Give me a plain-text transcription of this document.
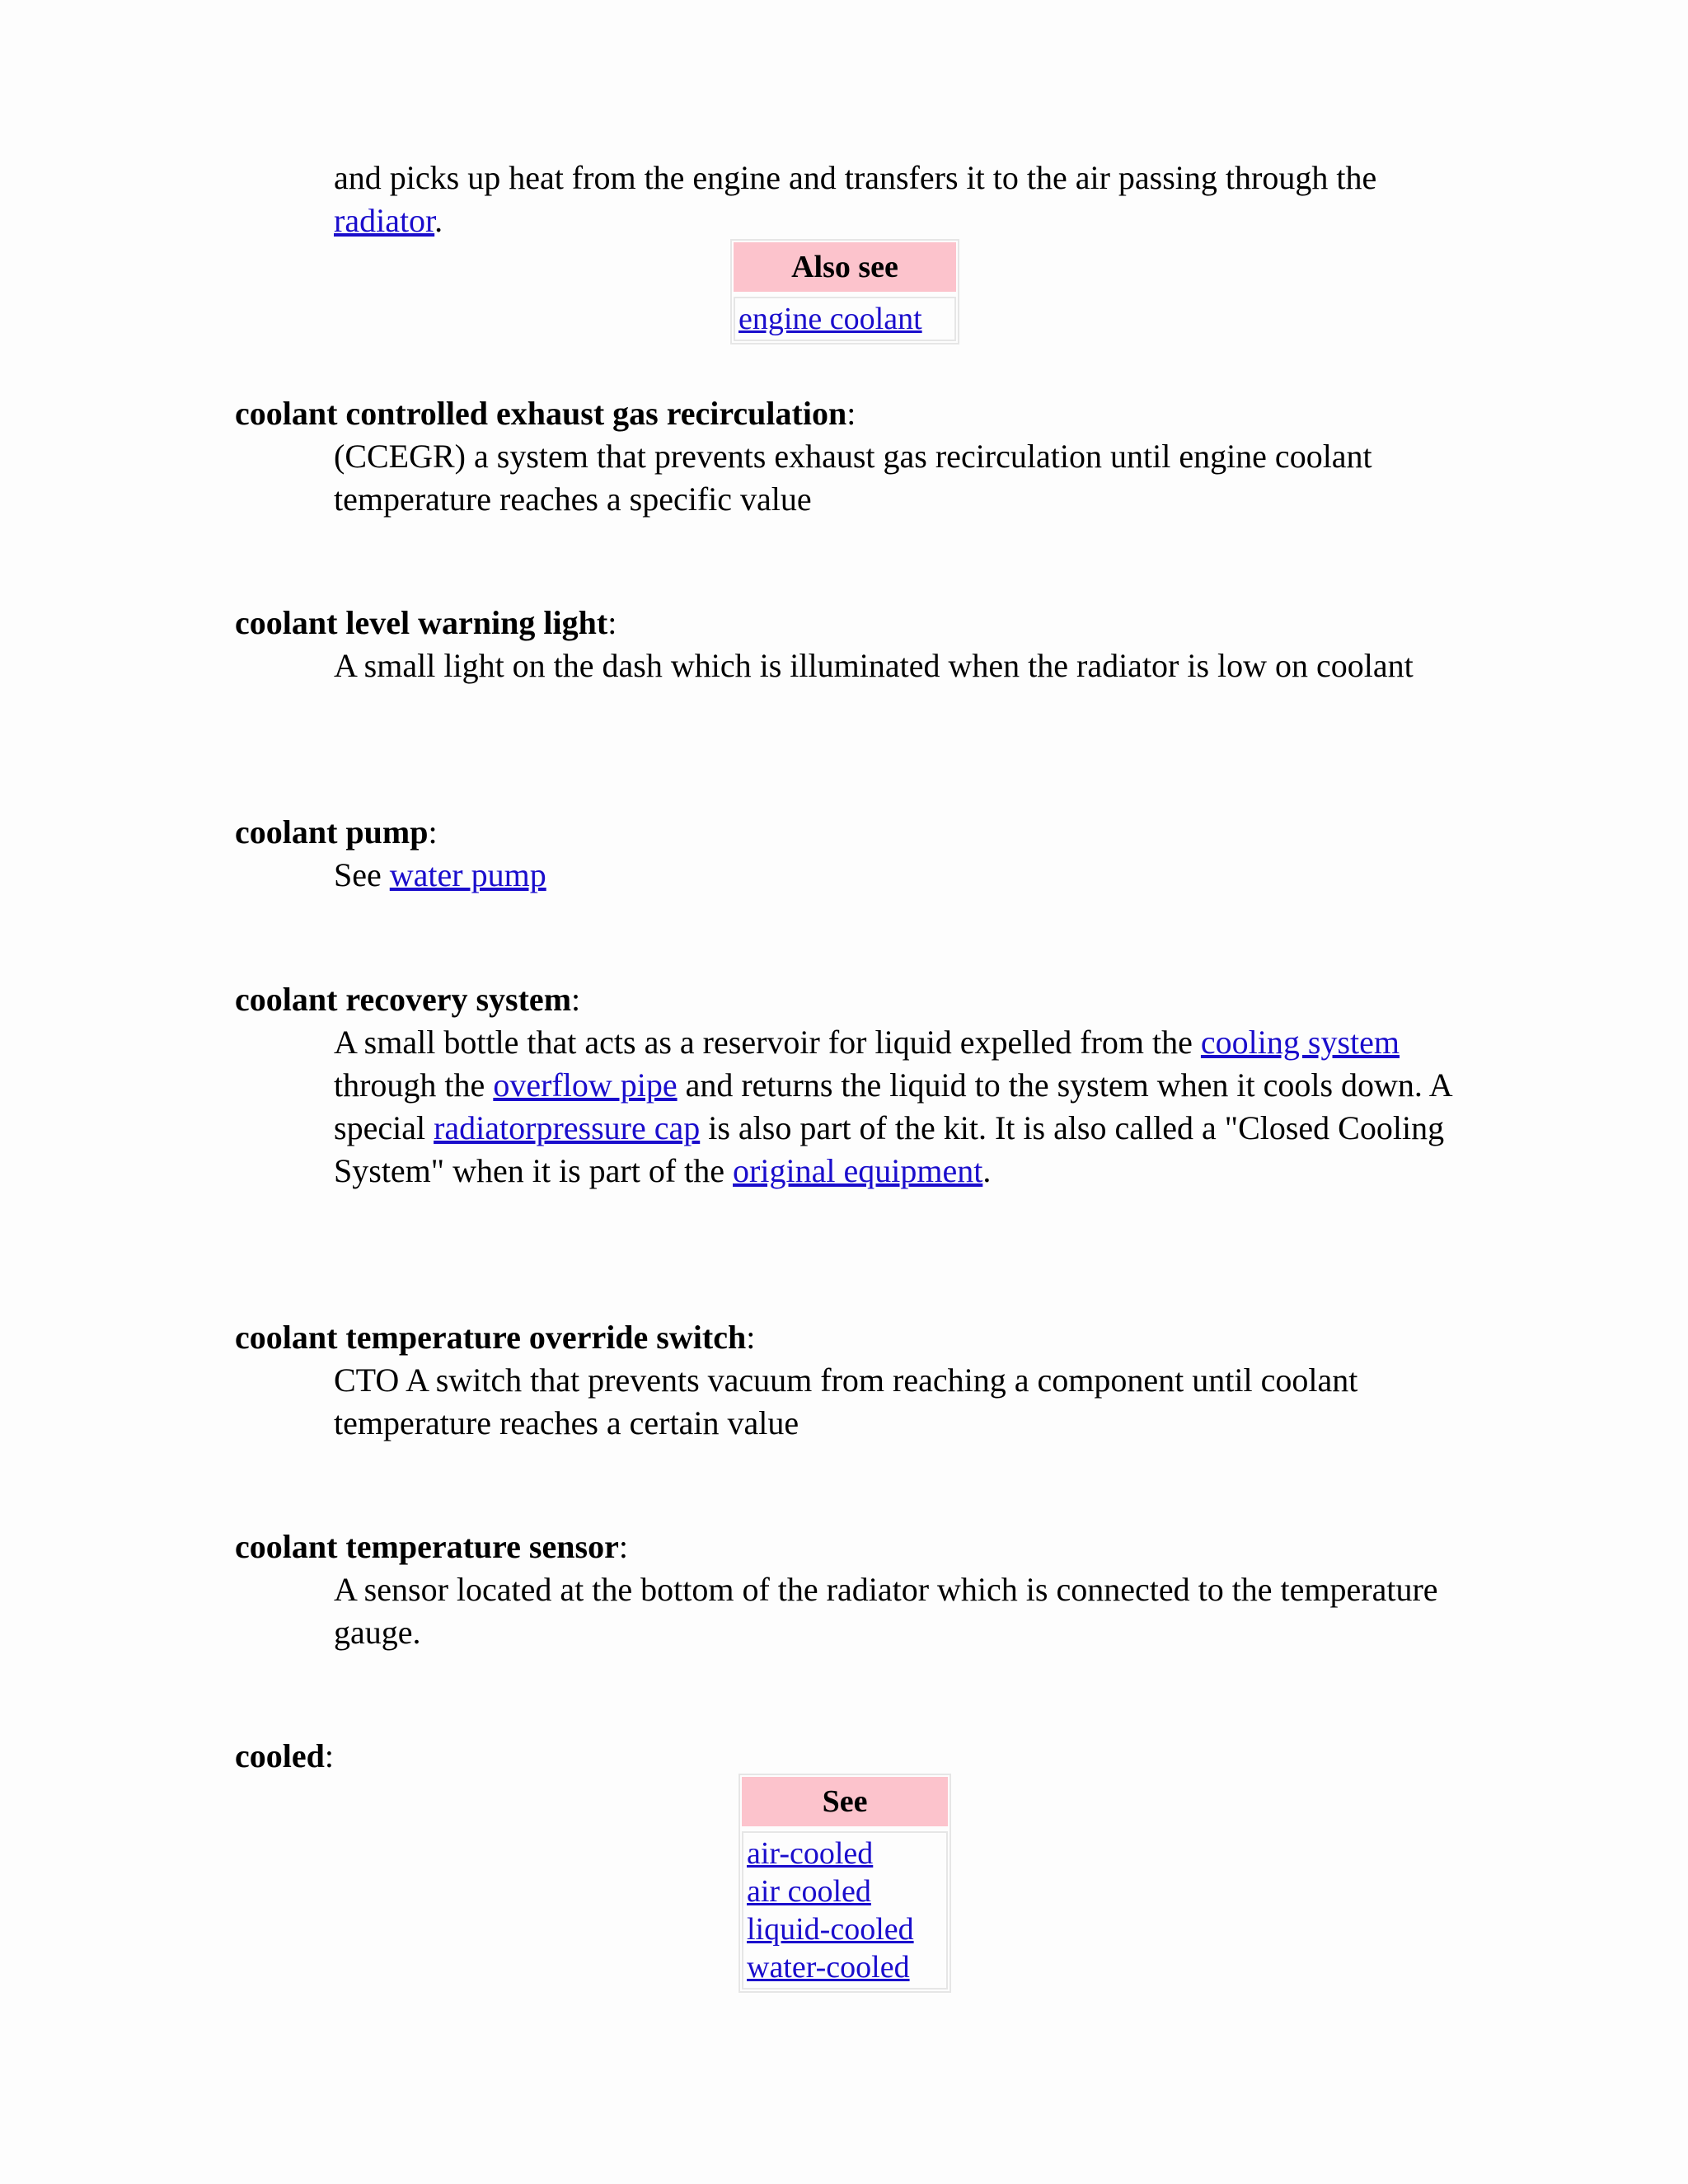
and picks up heat from the engine and transfers it to the air passing through the radiator.
Also see
engine coolant
coolant controlled exhaust gas recirculation:
(CCEGR) a system that prevents exhaust gas recirculation until engine coolant temperature reaches a specific value
coolant level warning light:
A small light on the dash which is illuminated when the radiator is low on coolant
coolant pump:
See water pump
coolant recovery system:
A small bottle that acts as a reservoir for liquid expelled from the cooling system through the overflow pipe and returns the liquid to the system when it cools down. A special radiatorpressure cap is also part of the kit. It is also called a "Closed Cooling System" when it is part of the original equipment.
coolant temperature override switch:
CTO A switch that prevents vacuum from reaching a component until coolant temperature reaches a certain value
coolant temperature sensor:
A sensor located at the bottom of the radiator which is connected to the temperature gauge.
cooled:
See
air-cooled
air cooled
liquid-cooled
water-cooled
